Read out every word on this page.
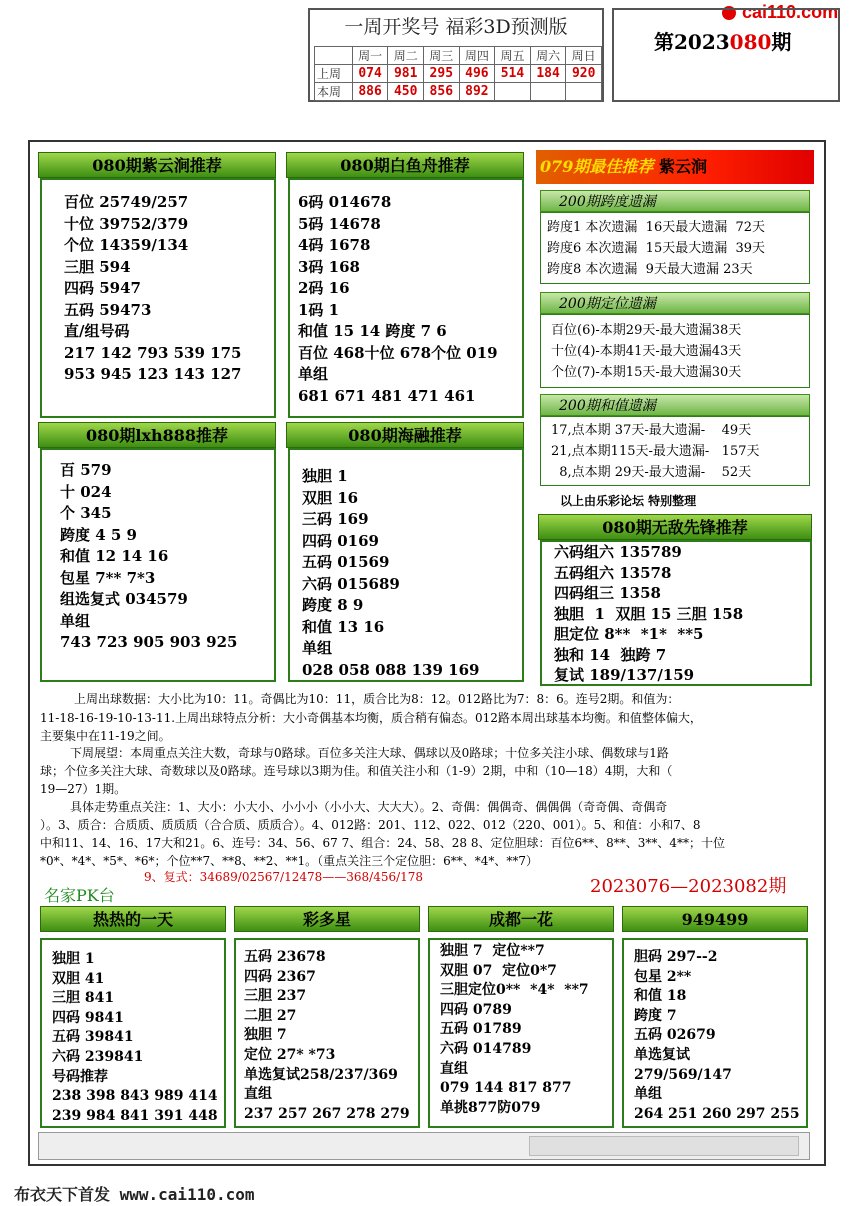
cai110.com
一周开奖号 福彩3D预测版
	周一	周二	周三	周四	周五	周六	周日
上周	074	981	295	496	514	184	920
本周	886	450	856	892			
第2023080期
080期紫云涧推荐
百位 25749/257
十位 39752/379
个位 14359/134
三胆 594
四码 5947
五码 59473
直/组号码
217 142 793 539 175
953 945 123 143 127
080期白鱼舟推荐
6码 014678
5码 14678
4码 1678
3码 168
2码 16
1码 1
和值 15 14 跨度 7 6
百位 468十位 678个位 019
单组
681 671 481 471 461
080期lxh888推荐
百 579
十 024
个 345
跨度 4 5 9
和值 12 14 16
包星 7** 7*3
组选复式 034579
单组
743 723 905 903 925
080期海融推荐
独胆 1
双胆 16
三码 169
四码 0169
五码 01569
六码 015689
跨度 8 9
和值 13 16
单组
028 058 088 139 169
079期最佳推荐 紫云涧
200期跨度遗漏
跨度1 本次遗漏  16天最大遗漏  72天
跨度6 本次遗漏  15天最大遗漏  39天
跨度8 本次遗漏  9天最大遗漏 23天
200期定位遗漏
百位(6)-本期29天-最大遗漏38天
十位(4)-本期41天-最大遗漏43天
个位(7)-本期15天-最大遗漏30天
200期和值遗漏
17,点本期 37天-最大遗漏-    49天
21,点本期115天-最大遗漏-   157天
8,点本期 29天-最大遗漏-    52天
以上由乐彩论坛 特别整理
080期无敌先锋推荐
六码组六 135789
五码组六 13578
四码组三 1358
独胆  1  双胆 15 三胆 158
胆定位 8**  *1*  **5
独和 14  独跨 7
复试 189/137/159
上周出球数据：大小比为10：11。奇偶比为10：11，质合比为8：12。012路比为7：8：6。连号2期。和值为：
11-18-16-19-10-13-11.上周出球特点分析：大小奇偶基本均衡，质合稍有偏态。012路本周出球基本均衡。和值整体偏大，
主要集中在11-19之间。
下周展望：本周重点关注大数，奇球与0路球。百位多关注大球、偶球以及0路球；十位多关注小球、偶数球与1路
球；个位多关注大球、奇数球以及0路球。连号球以3期为佳。和值关注小和（1-9）2期，中和（10—18）4期，大和（
19—27）1期。
具体走势重点关注：1、大小：小大小、小小小（小小大、大大大）。2、奇偶：偶偶奇、偶偶偶（奇奇偶、奇偶奇
）。3、质合：合质质、质质质（合合质、质质合）。4、012路：201、112、022、012（220、001）。5、和值：小和7、8
中和11、14、16、17大和21。6、连号：34、56、67 7、组合：24、58、28 8、定位胆球：百位6**、8**、3**、4**；十位
*0*、*4*、*5*、*6*；个位**7、**8、**2、**1。（重点关注三个定位胆：6**、*4*、**7）
9、复式：34689/02567/12478——368/456/178
名家PK台	2023076—2023082期
热热的一天
独胆 1
双胆 41
三胆 841
四码 9841
五码 39841
六码 239841
号码推荐
238 398 843 989 414
239 984 841 391 448
彩多星
五码 23678
四码 2367
三胆 237
二胆 27
独胆 7
定位 27* *73
单选复试258/237/369
直组
237 257 267 278 279
成都一花
独胆 7  定位**7
双胆 07  定位0*7
三胆定位0**  *4*  **7
四码 0789
五码 01789
六码 014789
直组
079 144 817 877
单挑877防079
949499
胆码 297--2
包星 2**
和值 18
跨度 7
五码 02679
单选复试
279/569/147
单组
264 251 260 297 255
布衣天下首发 www.cai110.com
